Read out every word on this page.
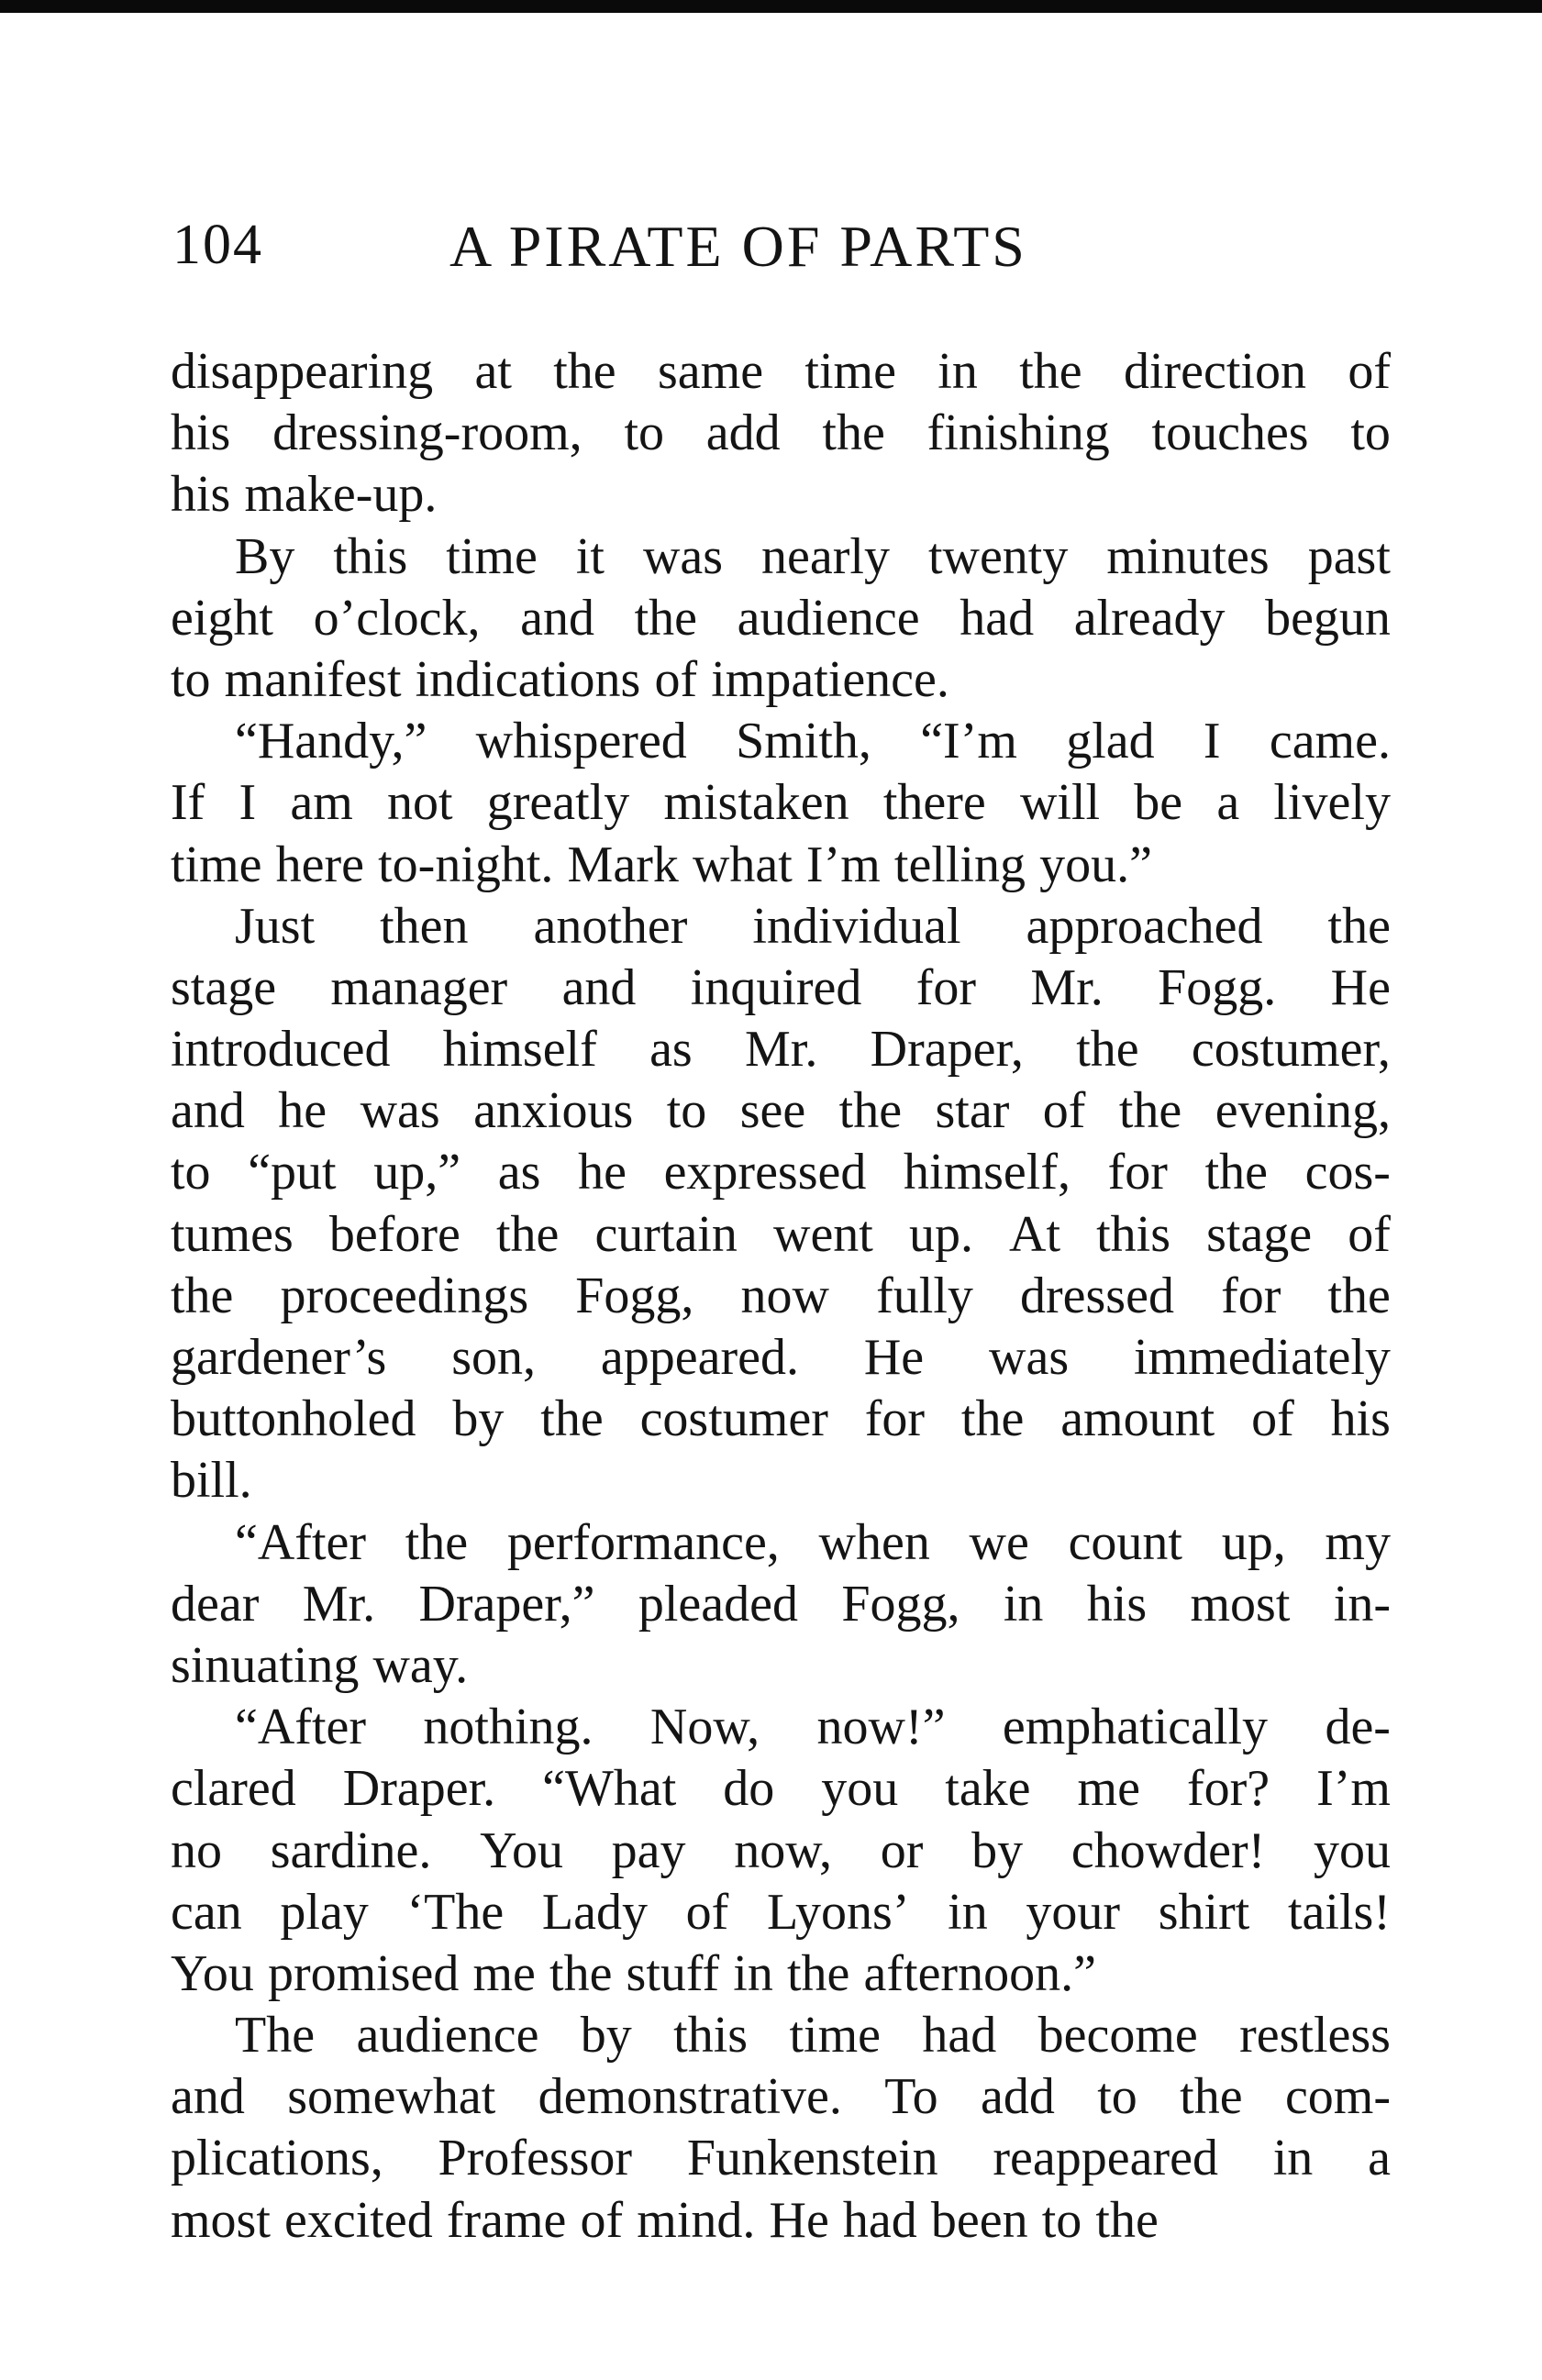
104	A PIRATE OF PARTS
disappearing at the same time in the direction of
his dressing-room, to add the finishing touches to
his make-up.
By this time it was nearly twenty minutes past
eight o’clock, and the audience had already begun
to manifest indications of impatience.
“Handy,” whispered Smith, “I’m glad I came.
If I am not greatly mistaken there will be a lively
time here to-night. Mark what I’m telling you.”
Just then another individual approached the
stage manager and inquired for Mr. Fogg. He
introduced himself as Mr. Draper, the costumer,
and he was anxious to see the star of the evening,
to “put up,” as he expressed himself, for the cos-
tumes before the curtain went up. At this stage of
the proceedings Fogg, now fully dressed for the
gardener’s son, appeared. He was immediately
buttonholed by the costumer for the amount of his
bill.
“After the performance, when we count up, my
dear Mr. Draper,” pleaded Fogg, in his most in-
sinuating way.
“After nothing. Now, now!” emphatically de-
clared Draper. “What do you take me for? I’m
no sardine. You pay now, or by chowder! you
can play ‘The Lady of Lyons’ in your shirt tails!
You promised me the stuff in the afternoon.”
The audience by this time had become restless
and somewhat demonstrative. To add to the com-
plications, Professor Funkenstein reappeared in a
most excited frame of mind. He had been to the
